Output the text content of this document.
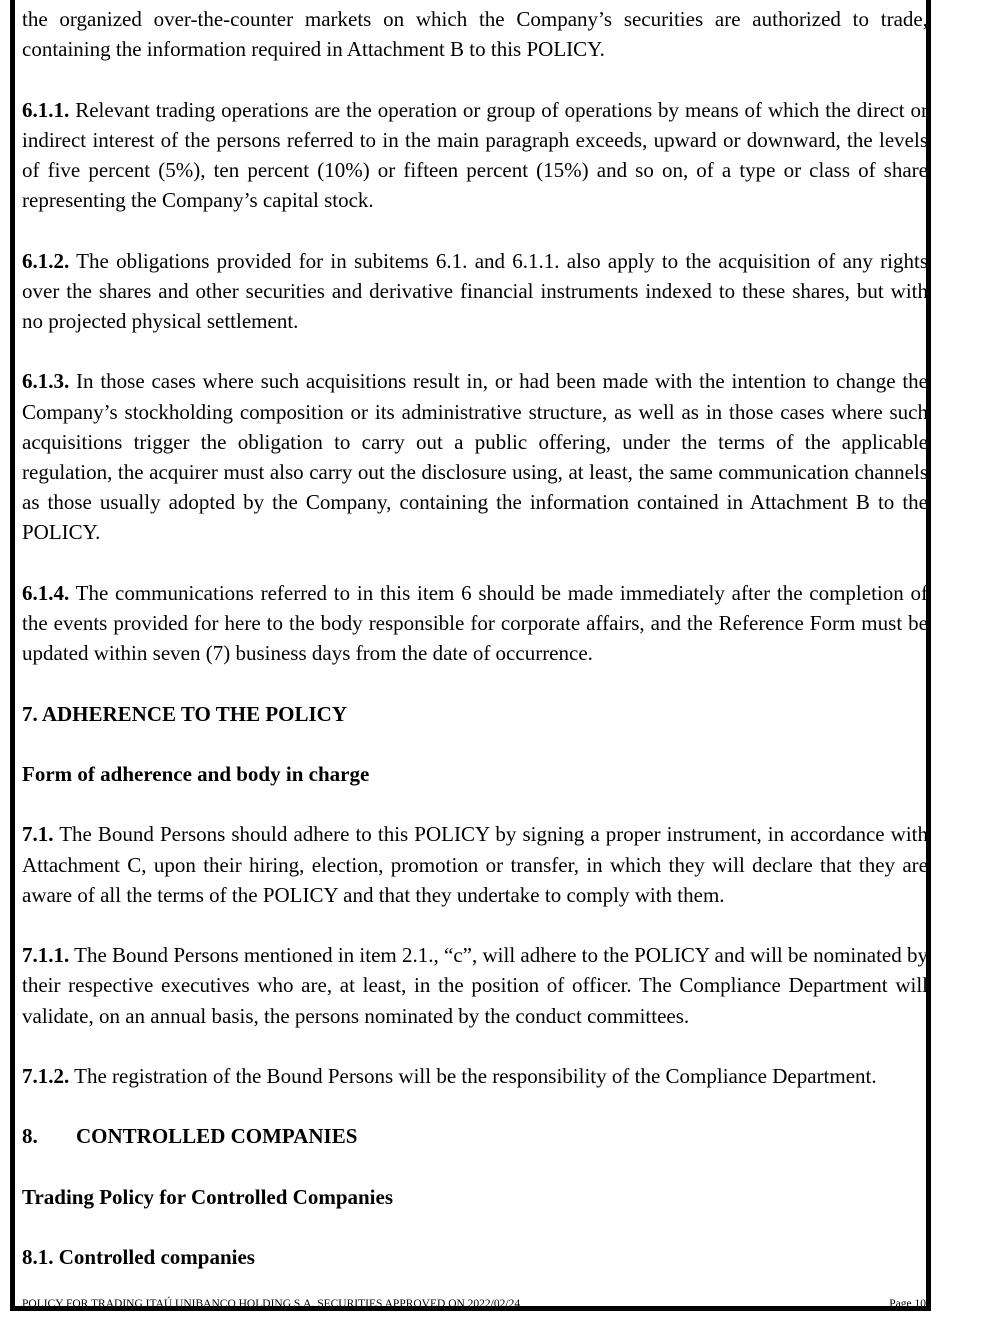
the organized over-the-counter markets on which the Company’s securities are authorized to trade, containing the information required in Attachment B to this POLICY.

6.1.1. Relevant trading operations are the operation or group of operations by means of which the direct or indirect interest of the persons referred to in the main paragraph exceeds, upward or downward, the levels of five percent (5%), ten percent (10%) or fifteen percent (15%) and so on, of a type or class of share representing the Company’s capital stock.

6.1.2. The obligations provided for in subitems 6.1. and 6.1.1. also apply to the acquisition of any rights over the shares and other securities and derivative financial instruments indexed to these shares, but with no projected physical settlement.

6.1.3. In those cases where such acquisitions result in, or had been made with the intention to change the Company’s stockholding composition or its administrative structure, as well as in those cases where such acquisitions trigger the obligation to carry out a public offering, under the terms of the applicable regulation, the acquirer must also carry out the disclosure using, at least, the same communication channels as those usually adopted by the Company, containing the information contained in Attachment B to the POLICY.

6.1.4. The communications referred to in this item 6 should be made immediately after the completion of the events provided for here to the body responsible for corporate affairs, and the Reference Form must be updated within seven (7) business days from the date of occurrence.

7. ADHERENCE TO THE POLICY
Form of adherence and body in charge

7.1. The Bound Persons should adhere to this POLICY by signing a proper instrument, in accordance with Attachment C, upon their hiring, election, promotion or transfer, in which they will declare that they are aware of all the terms of the POLICY and that they undertake to comply with them.

7.1.1. The Bound Persons mentioned in item 2.1., “c”, will adhere to the POLICY and will be nominated by their respective executives who are, at least, in the position of officer. The Compliance Department will validate, on an annual basis, the persons nominated by the conduct committees.

7.1.2. The registration of the Bound Persons will be the responsibility of the Compliance Department.

8. CONTROLLED COMPANIES
Trading Policy for Controlled Companies
8.1. Controlled companies
POLICY FOR TRADING ITAÚ UNIBANCO HOLDING S.A. SECURITIES APPROVED ON 2022/02/24	Page 10
